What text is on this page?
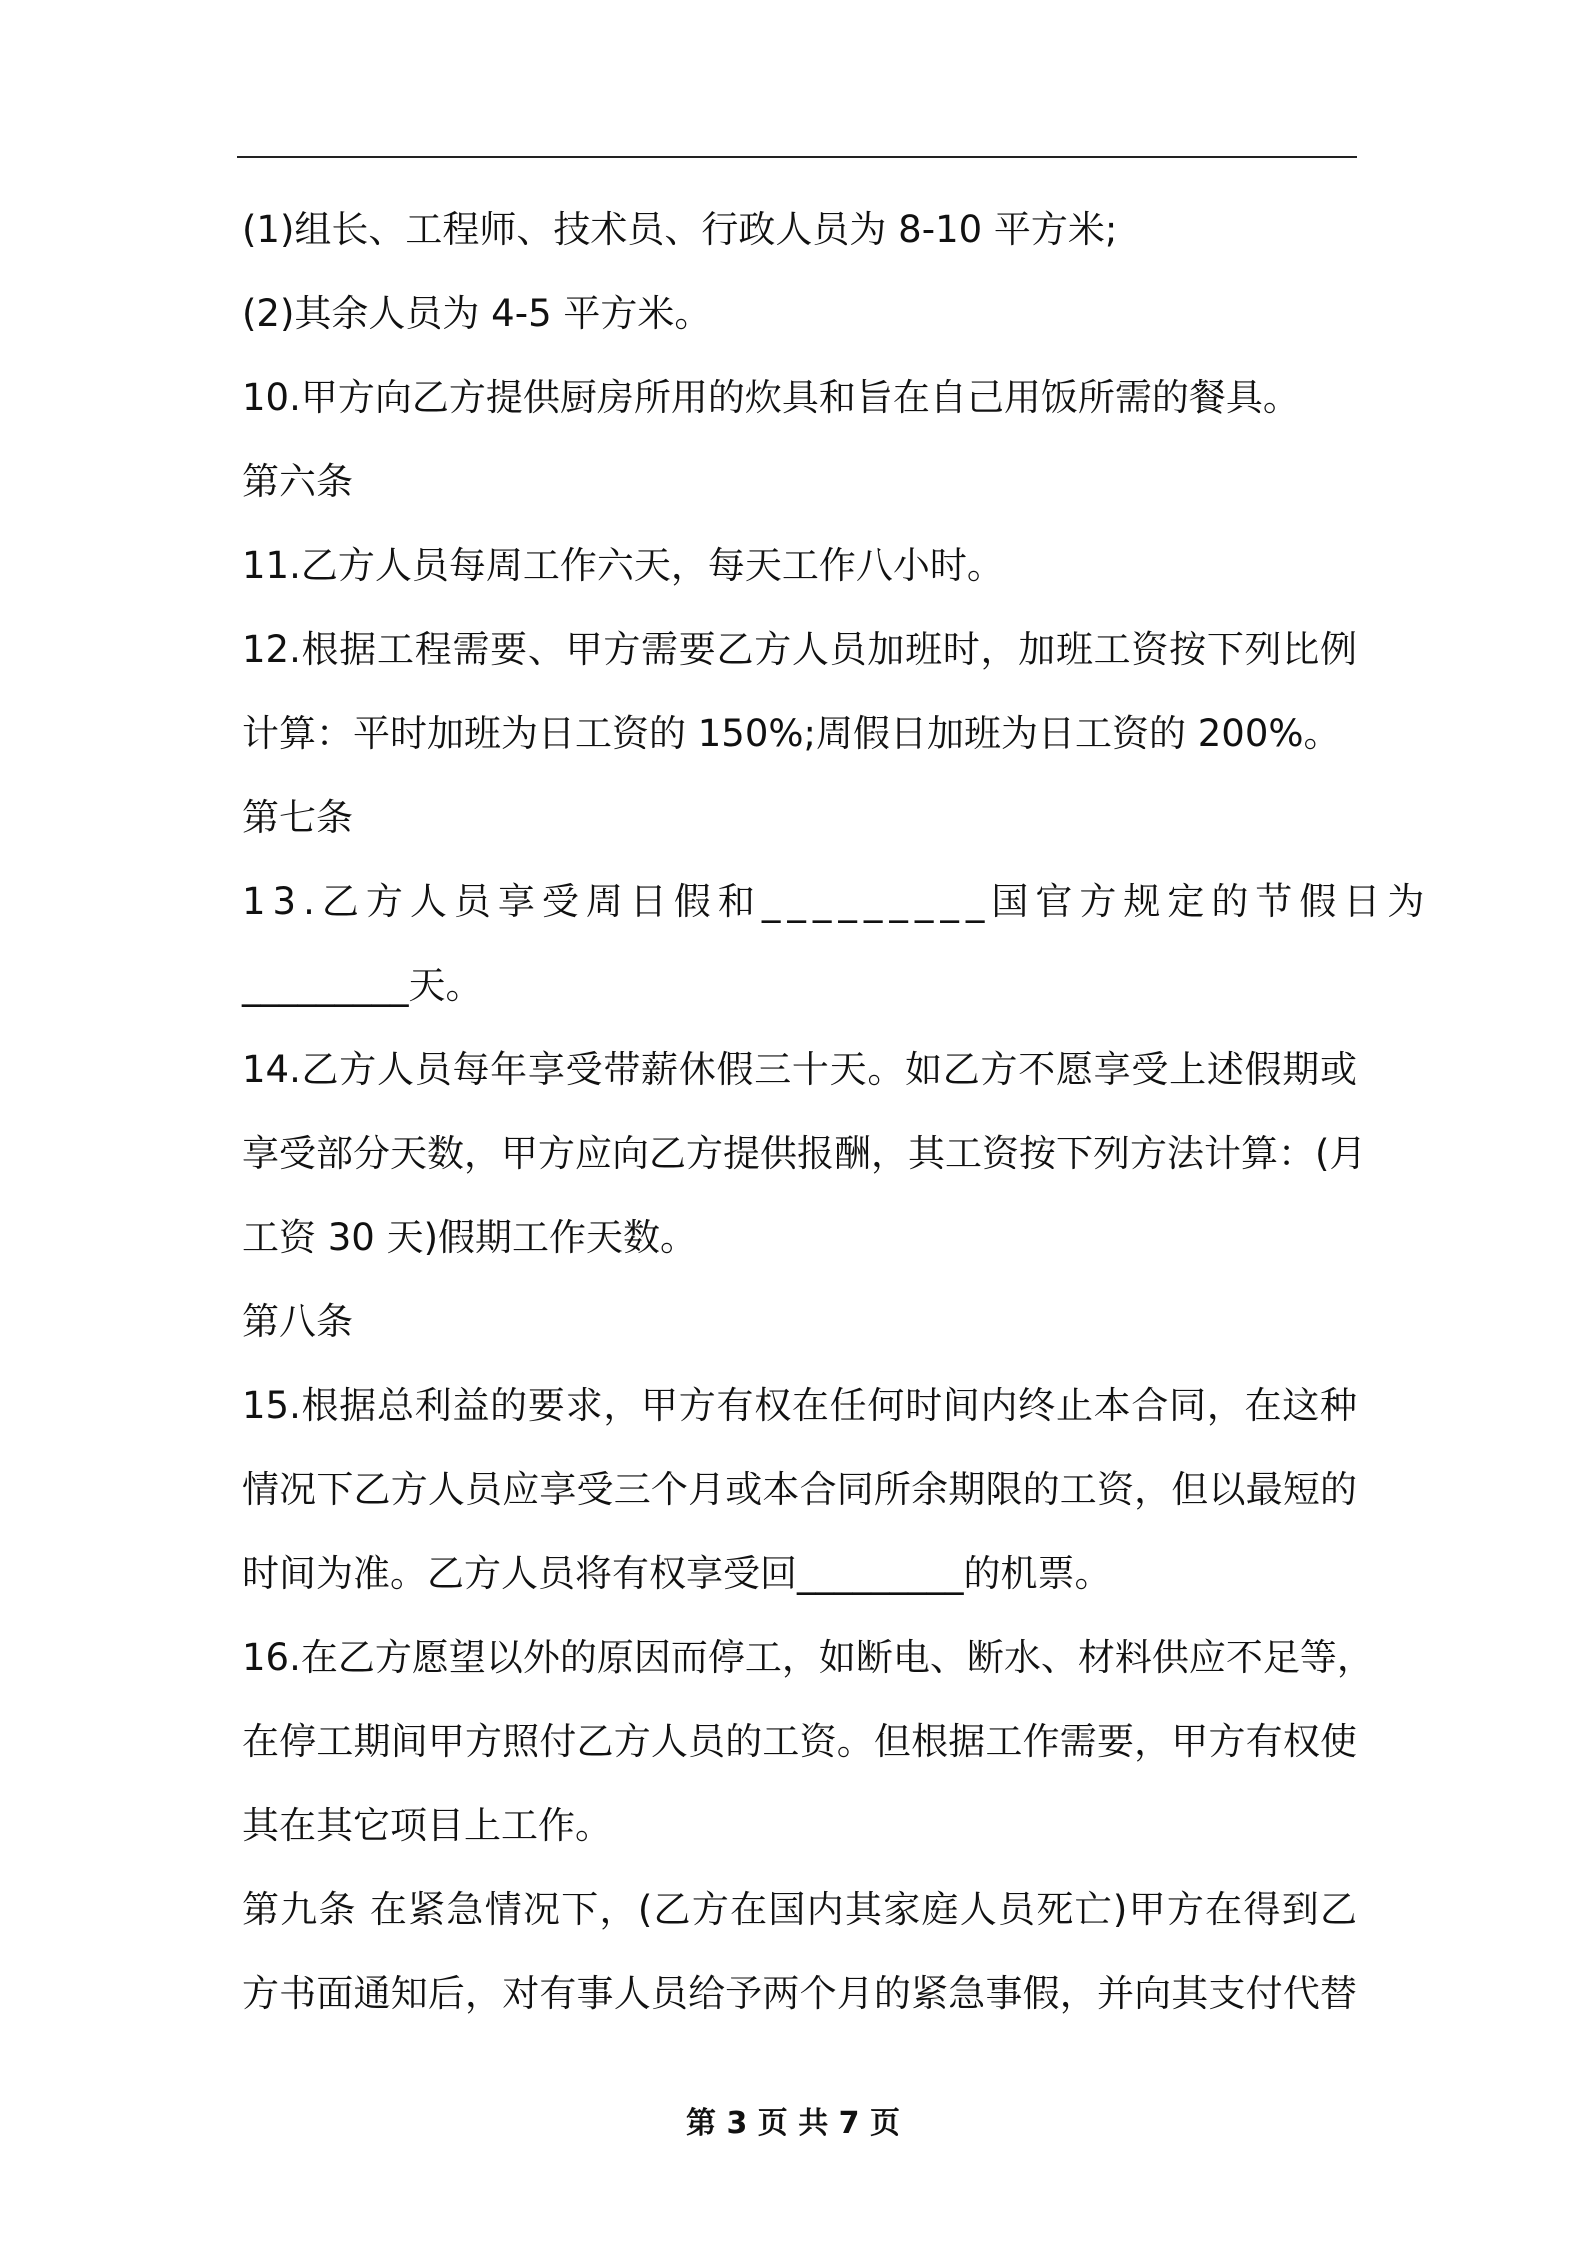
(1)组长、工程师、技术员、行政人员为 8-10 平方米;
(2)其余人员为 4-5 平方米。
10.甲方向乙方提供厨房所用的炊具和旨在自己用饭所需的餐具。
第六条
11.乙方人员每周工作六天，每天工作八小时。
12.根据工程需要、甲方需要乙方人员加班时，加班工资按下列比例
计算：平时加班为日工资的 150%;周假日加班为日工资的 200%。
第七条
13.乙方人员享受周日假和_________国官方规定的节假日为
_________天。
14.乙方人员每年享受带薪休假三十天。如乙方不愿享受上述假期或
享受部分天数，甲方应向乙方提供报酬，其工资按下列方法计算：(月
工资 30 天)假期工作天数。
第八条
15.根据总利益的要求，甲方有权在任何时间内终止本合同，在这种
情况下乙方人员应享受三个月或本合同所余期限的工资，但以最短的
时间为准。乙方人员将有权享受回_________的机票。
16.在乙方愿望以外的原因而停工，如断电、断水、材料供应不足等，
在停工期间甲方照付乙方人员的工资。但根据工作需要，甲方有权使
其在其它项目上工作。
第九条 在紧急情况下，(乙方在国内其家庭人员死亡)甲方在得到乙
方书面通知后，对有事人员给予两个月的紧急事假，并向其支付代替
第 3 页 共 7 页
